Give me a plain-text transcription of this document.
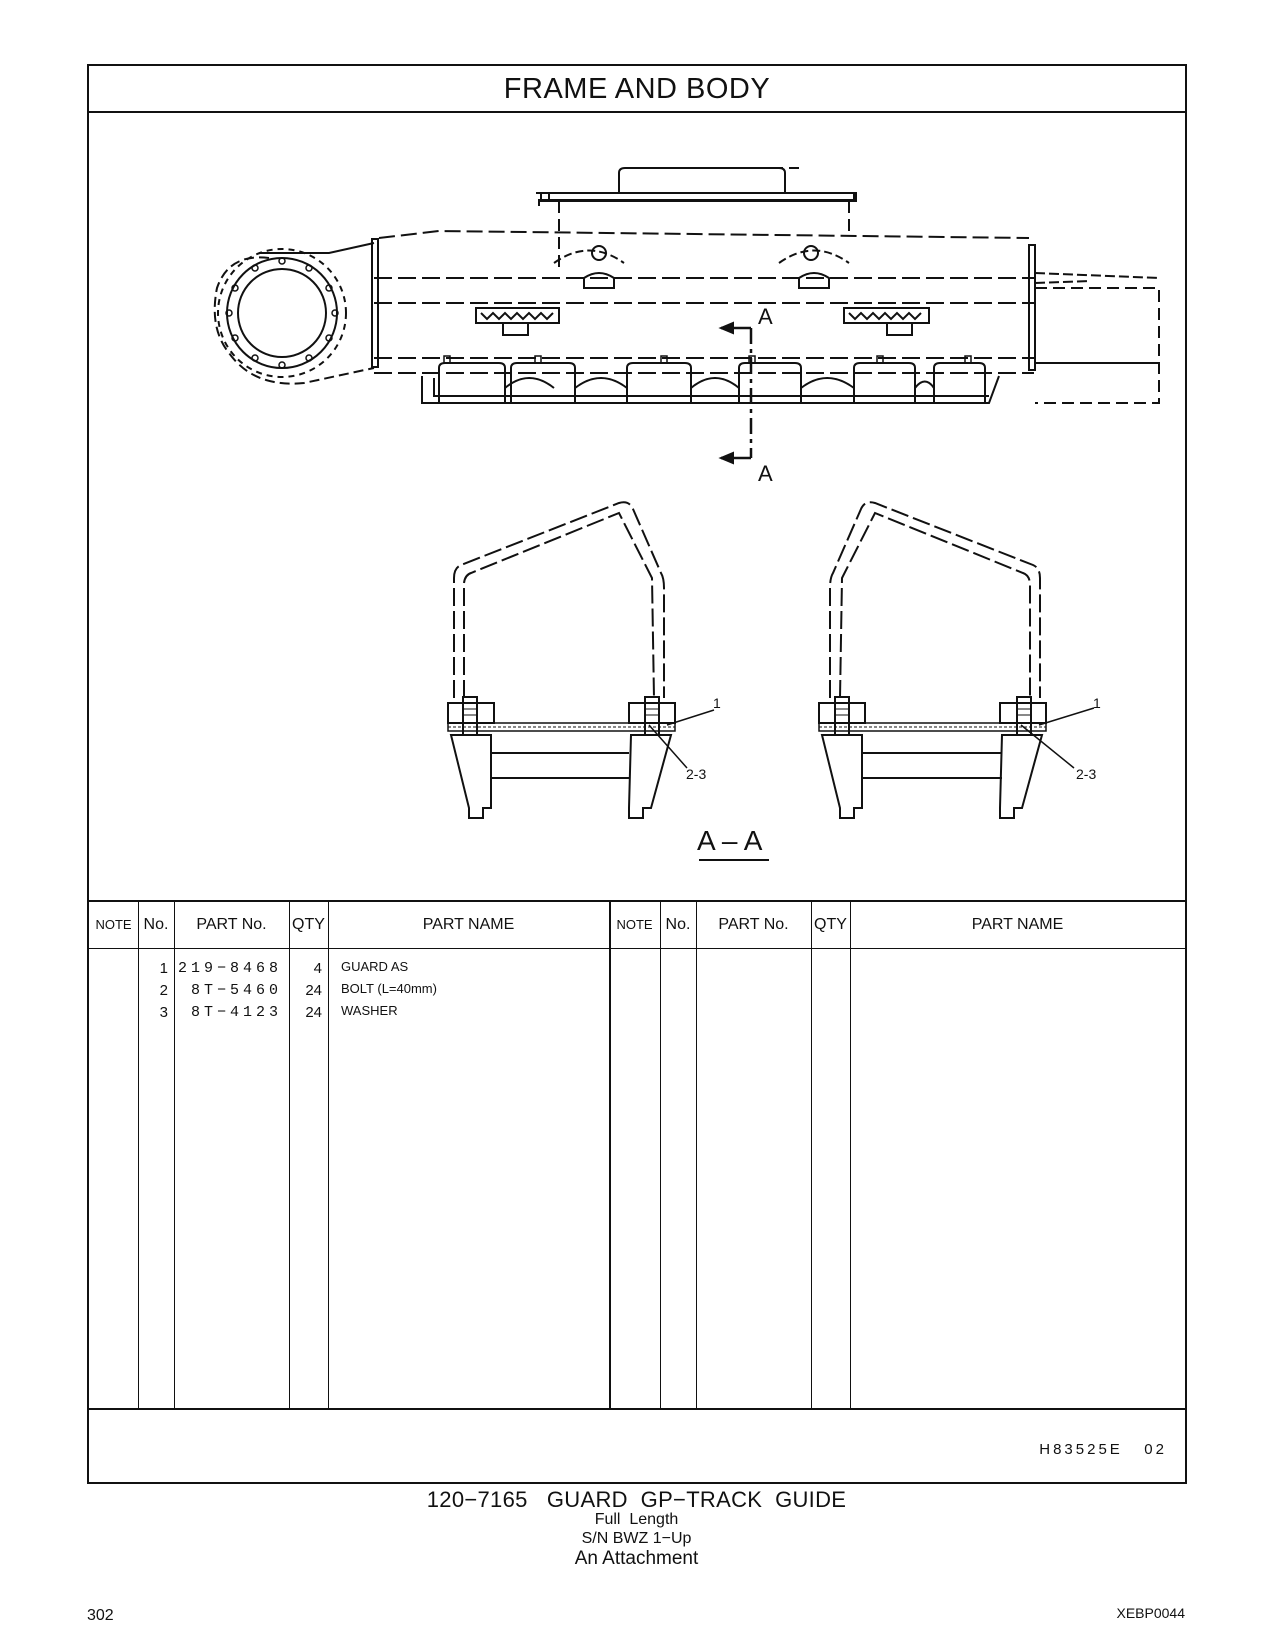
FRAME AND BODY
A
A
1
2-3
1
2-3
A – A
NOTE No.	PART No.	QTY	PART NAME	NOTE No.	PART No.	QTY	PART NAME
1 219−8468	4 GUARD AS
2	8T−5460	24 BOLT (L=40mm)
3	8T−4123	24 WASHER
H83525E   02
120−7165   GUARD  GP−TRACK  GUIDE
Full  Length
S/N BWZ 1−Up
An Attachment
302	XEBP0044
